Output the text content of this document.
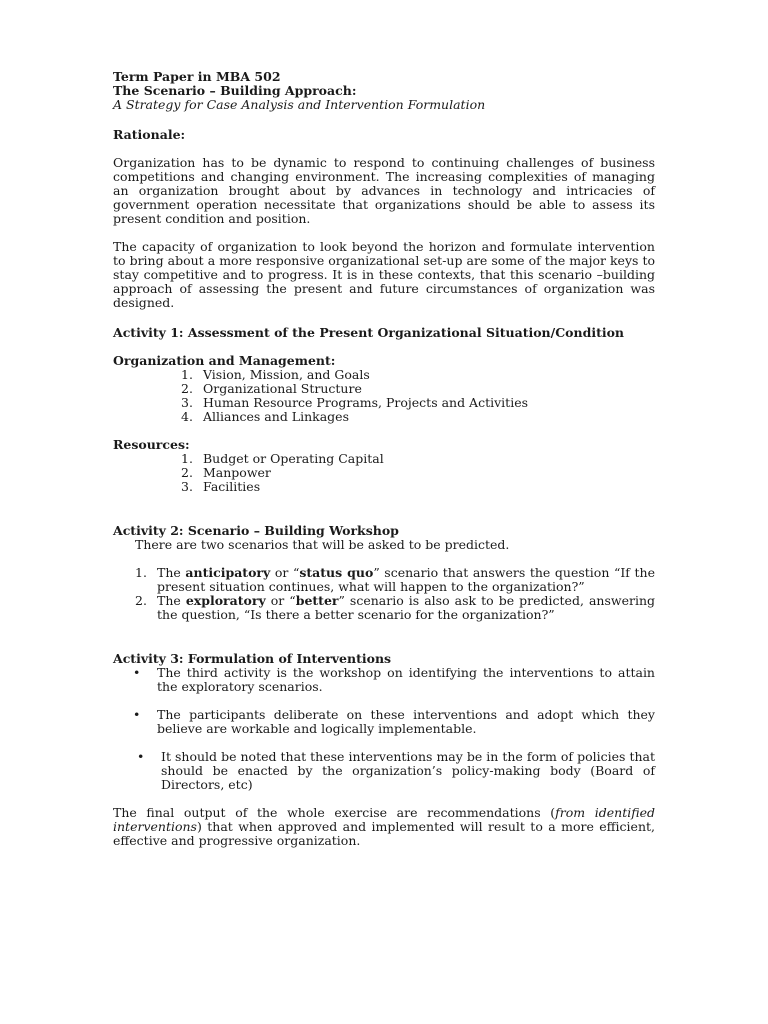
Term Paper in MBA 502

The Scenario – Building Approach:

A Strategy for Case Analysis and Intervention Formulation

Rationale:

Organization has to be dynamic to respond to continuing challenges of business competitions and changing environment. The increasing complexities of managing an organization brought about by advances in technology and intricacies of government operation necessitate that organizations should be able to assess its present condition and position.

The capacity of organization to look beyond the horizon and formulate intervention to bring about a more responsive organizational set-up are some of the major keys to stay competitive and to progress. It is in these contexts, that this scenario –building approach of assessing the present and future circumstances of organization was designed.

Activity 1: Assessment of the Present Organizational Situation/Condition

Organization and Management:

1. Vision, Mission, and Goals
2. Organizational Structure
3. Human Resource Programs, Projects and Activities
4. Alliances and Linkages

Resources:

1. Budget or Operating Capital
2. Manpower
3. Facilities

Activity 2: Scenario – Building Workshop

There are two scenarios that will be asked to be predicted.

1. The anticipatory or “status quo” scenario that answers the question “If the present situation continues, what will happen to the organization?”
2. The exploratory or “better” scenario is also ask to be predicted, answering the question, “Is there a better scenario for the organization?”

Activity 3: Formulation of Interventions

• The third activity is the workshop on identifying the interventions to attain the exploratory scenarios.
• The participants deliberate on these interventions and adopt which they believe are workable and logically implementable.
• It should be noted that these interventions may be in the form of policies that should be enacted by the organization’s policy-making body (Board of Directors, etc)

The final output of the whole exercise are recommendations (from identified interventions) that when approved and implemented will result to a more efficient, effective and progressive organization.
